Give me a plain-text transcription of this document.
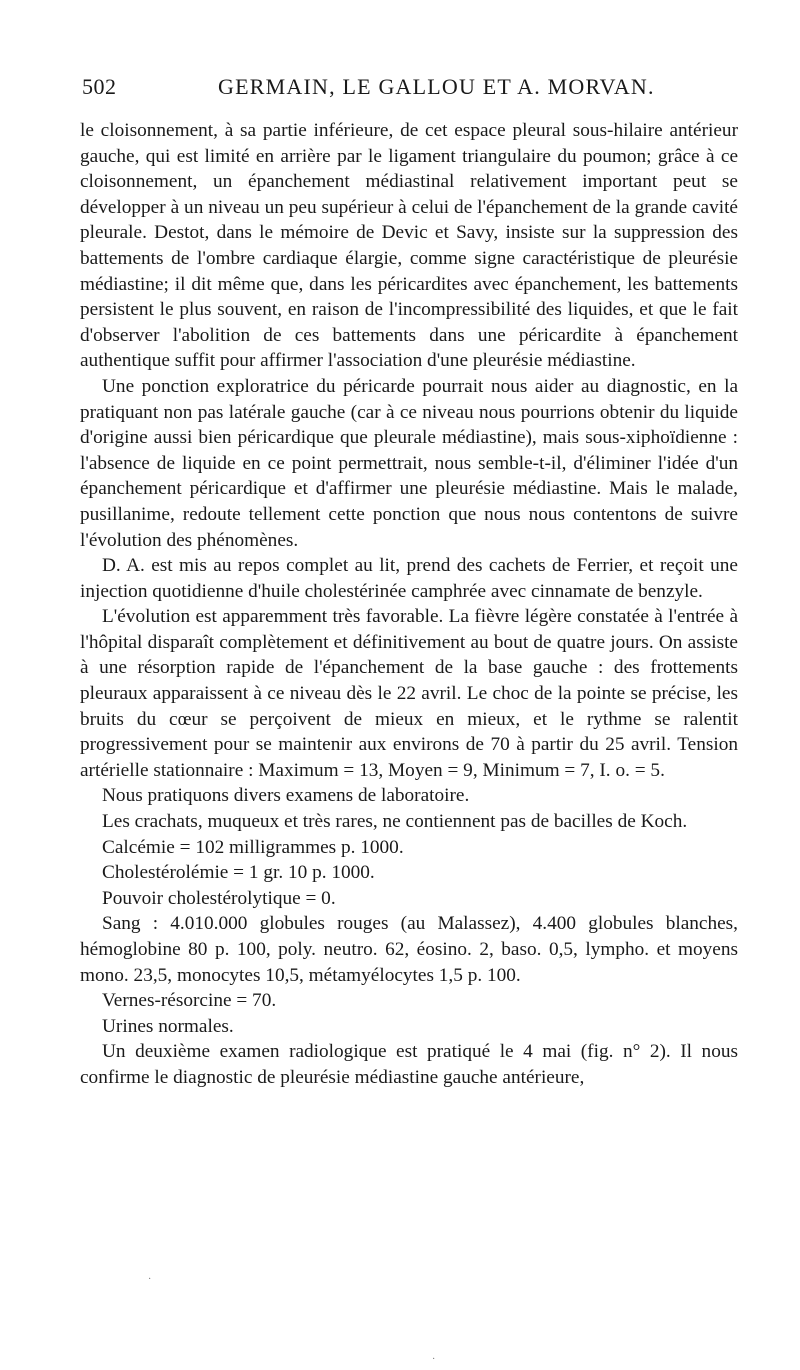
502	GERMAIN, LE GALLOU ET A. MORVAN.

le cloisonnement, à sa partie inférieure, de cet espace pleural sous-hilaire antérieur gauche, qui est limité en arrière par le ligament triangulaire du poumon; grâce à ce cloisonnement, un épanchement médiastinal relativement important peut se développer à un niveau un peu supérieur à celui de l'épanchement de la grande cavité pleurale. Destot, dans le mémoire de Devic et Savy, insiste sur la suppression des battements de l'ombre cardiaque élargie, comme signe caractéristique de pleurésie médiastine; il dit même que, dans les péricardites avec épanchement, les battements persistent le plus souvent, en raison de l'incompressibilité des liquides, et que le fait d'observer l'abolition de ces battements dans une péricardite à épanchement authentique suffit pour affirmer l'association d'une pleurésie médiastine.

Une ponction exploratrice du péricarde pourrait nous aider au diagnostic, en la pratiquant non pas latérale gauche (car à ce niveau nous pourrions obtenir du liquide d'origine aussi bien péricardique que pleurale médiastine), mais sous-xiphoïdienne : l'absence de liquide en ce point permettrait, nous semble-t-il, d'éliminer l'idée d'un épanchement péricardique et d'affirmer une pleurésie médiastine. Mais le malade, pusillanime, redoute tellement cette ponction que nous nous contentons de suivre l'évolution des phénomènes.

D. A. est mis au repos complet au lit, prend des cachets de Ferrier, et reçoit une injection quotidienne d'huile cholestérinée camphrée avec cinnamate de benzyle.

L'évolution est apparemment très favorable. La fièvre légère constatée à l'entrée à l'hôpital disparaît complètement et définitivement au bout de quatre jours. On assiste à une résorption rapide de l'épanchement de la base gauche : des frottements pleuraux apparaissent à ce niveau dès le 22 avril. Le choc de la pointe se précise, les bruits du cœur se perçoivent de mieux en mieux, et le rythme se ralentit progressivement pour se maintenir aux environs de 70 à partir du 25 avril. Tension artérielle stationnaire : Maximum = 13, Moyen = 9, Minimum = 7, I. o. = 5.

Nous pratiquons divers examens de laboratoire.

Les crachats, muqueux et très rares, ne contiennent pas de bacilles de Koch.

Calcémie = 102 milligrammes p. 1000.

Cholestérolémie = 1 gr. 10 p. 1000.

Pouvoir cholestérolytique = 0.

Sang : 4.010.000 globules rouges (au Malassez), 4.400 globules blanches, hémoglobine 80 p. 100, poly. neutro. 62, éosino. 2, baso. 0,5, lympho. et moyens mono. 23,5, monocytes 10,5, métamyélocytes 1,5 p. 100.

Vernes-résorcine = 70.

Urines normales.

Un deuxième examen radiologique est pratiqué le 4 mai (fig. n° 2). Il nous confirme le diagnostic de pleurésie médiastine gauche antérieure,

·
·
